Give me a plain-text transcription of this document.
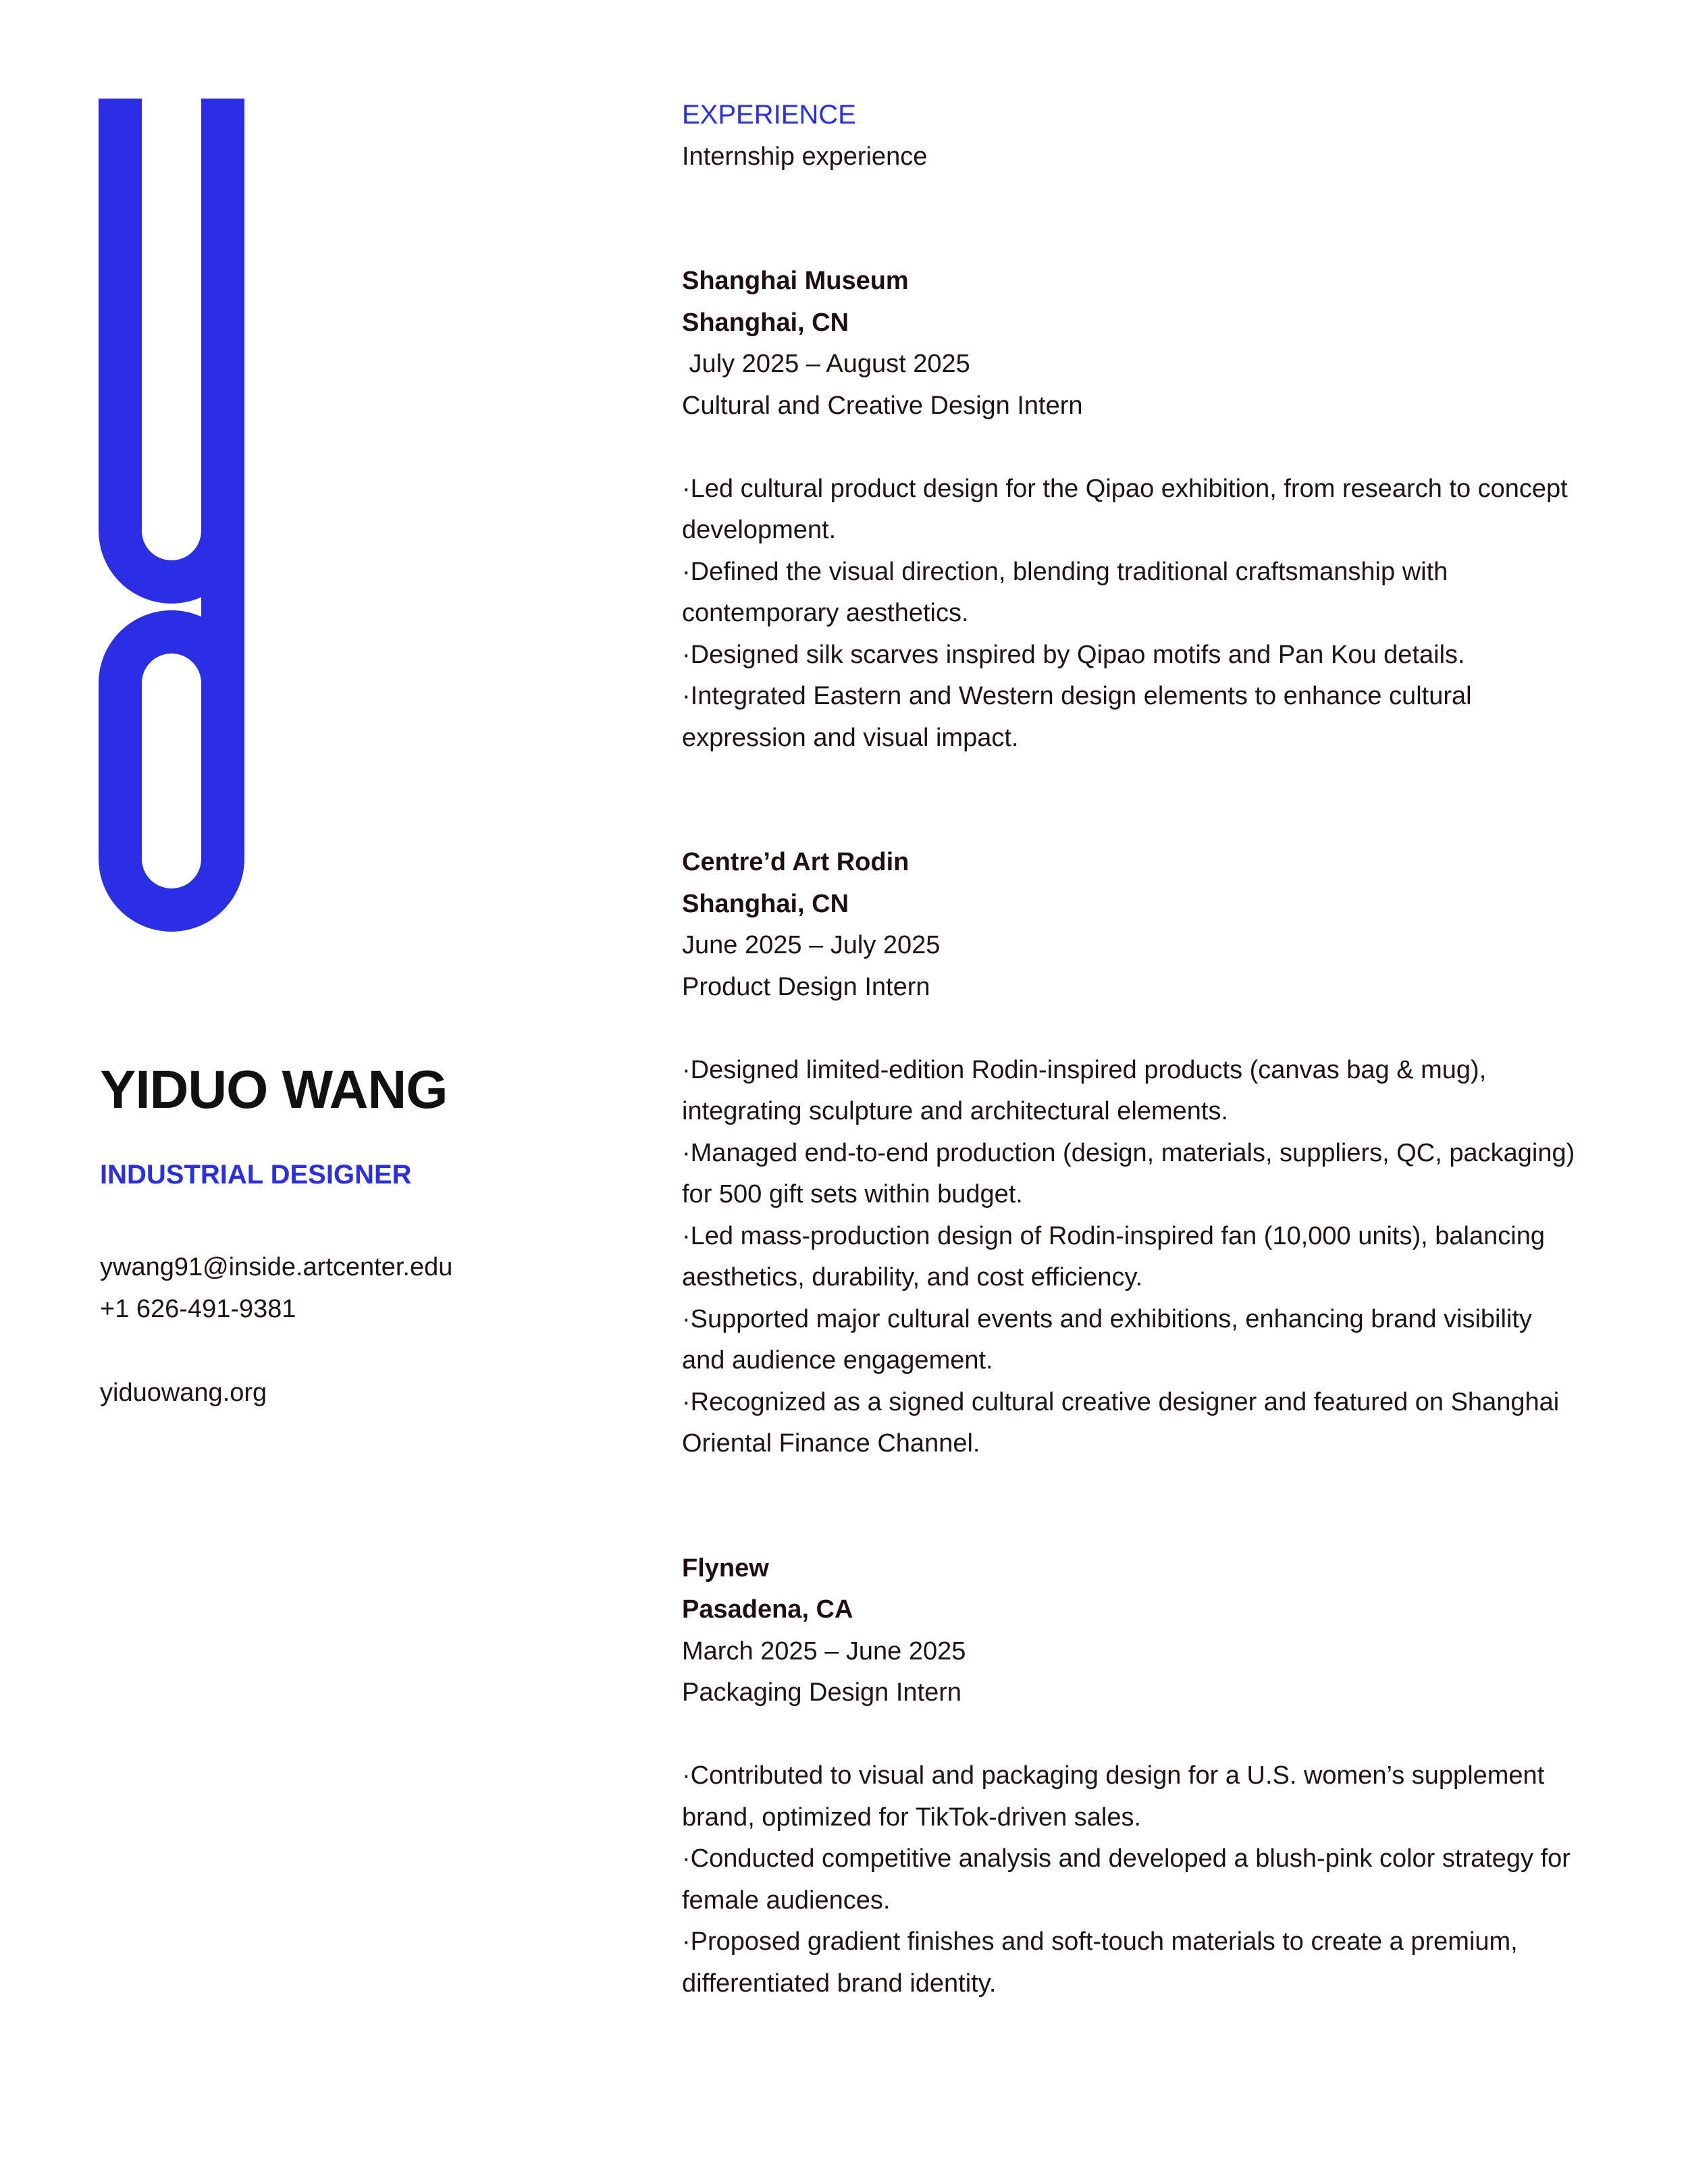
YIDUO WANG
INDUSTRIAL DESIGNER
ywang91@inside.artcenter.edu
+1 626-491-9381
yiduowang.org
EXPERIENCE
Internship experience
Shanghai Museum
Shanghai, CN
July 2025 – August 2025
Cultural and Creative Design Intern
·Led cultural product design for the Qipao exhibition, from research to concept development.
·Defined the visual direction, blending traditional craftsmanship with contemporary aesthetics.
·Designed silk scarves inspired by Qipao motifs and Pan Kou details.
·Integrated Eastern and Western design elements to enhance cultural expression and visual impact.
Centre’d Art Rodin
Shanghai, CN
June 2025 – July 2025
Product Design Intern
·Designed limited-edition Rodin-inspired products (canvas bag & mug), integrating sculpture and architectural elements.
·Managed end-to-end production (design, materials, suppliers, QC, packaging) for 500 gift sets within budget.
·Led mass-production design of Rodin-inspired fan (10,000 units), balancing aesthetics, durability, and cost efficiency.
·Supported major cultural events and exhibitions, enhancing brand visibility and audience engagement.
·Recognized as a signed cultural creative designer and featured on Shanghai Oriental Finance Channel.
Flynew
Pasadena, CA
March 2025 – June 2025
Packaging Design Intern
·Contributed to visual and packaging design for a U.S. women’s supplement brand, optimized for TikTok-driven sales.
·Conducted competitive analysis and developed a blush-pink color strategy for female audiences.
·Proposed gradient finishes and soft-touch materials to create a premium, differentiated brand identity.
